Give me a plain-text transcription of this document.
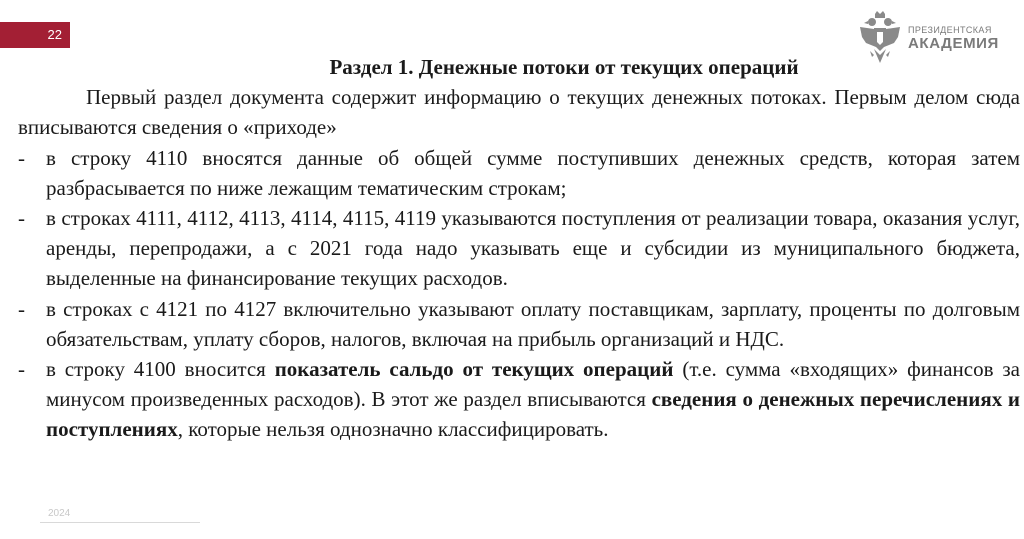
22	ПРЕЗИДЕНТСКАЯ
АКАДЕМИЯ

Раздел 1. Денежные потоки от текущих операций

Первый раздел документа содержит информацию о текущих денежных потоках. Первым делом сюда вписываются сведения о «приходе»

- в строку 4110 вносятся данные об общей сумме поступивших денежных средств, которая затем разбрасывается по ниже лежащим тематическим строкам;
- в строках 4111, 4112, 4113, 4114, 4115, 4119 указываются поступления от реализации товара, оказания услуг, аренды, перепродажи, а с 2021 года надо указывать еще и субсидии из муниципального бюджета, выделенные на финансирование текущих расходов.
- в строках с 4121 по 4127 включительно указывают оплату поставщикам, зарплату, проценты по долговым обязательствам, уплату сборов, налогов, включая на прибыль организаций и НДС.
- в строку 4100 вносится показатель сальдо от текущих операций (т.е. сумма «входящих» финансов за минусом произведенных расходов). В этот же раздел вписываются сведения о денежных перечислениях и поступлениях, которые нельзя однозначно классифицировать.
2024
